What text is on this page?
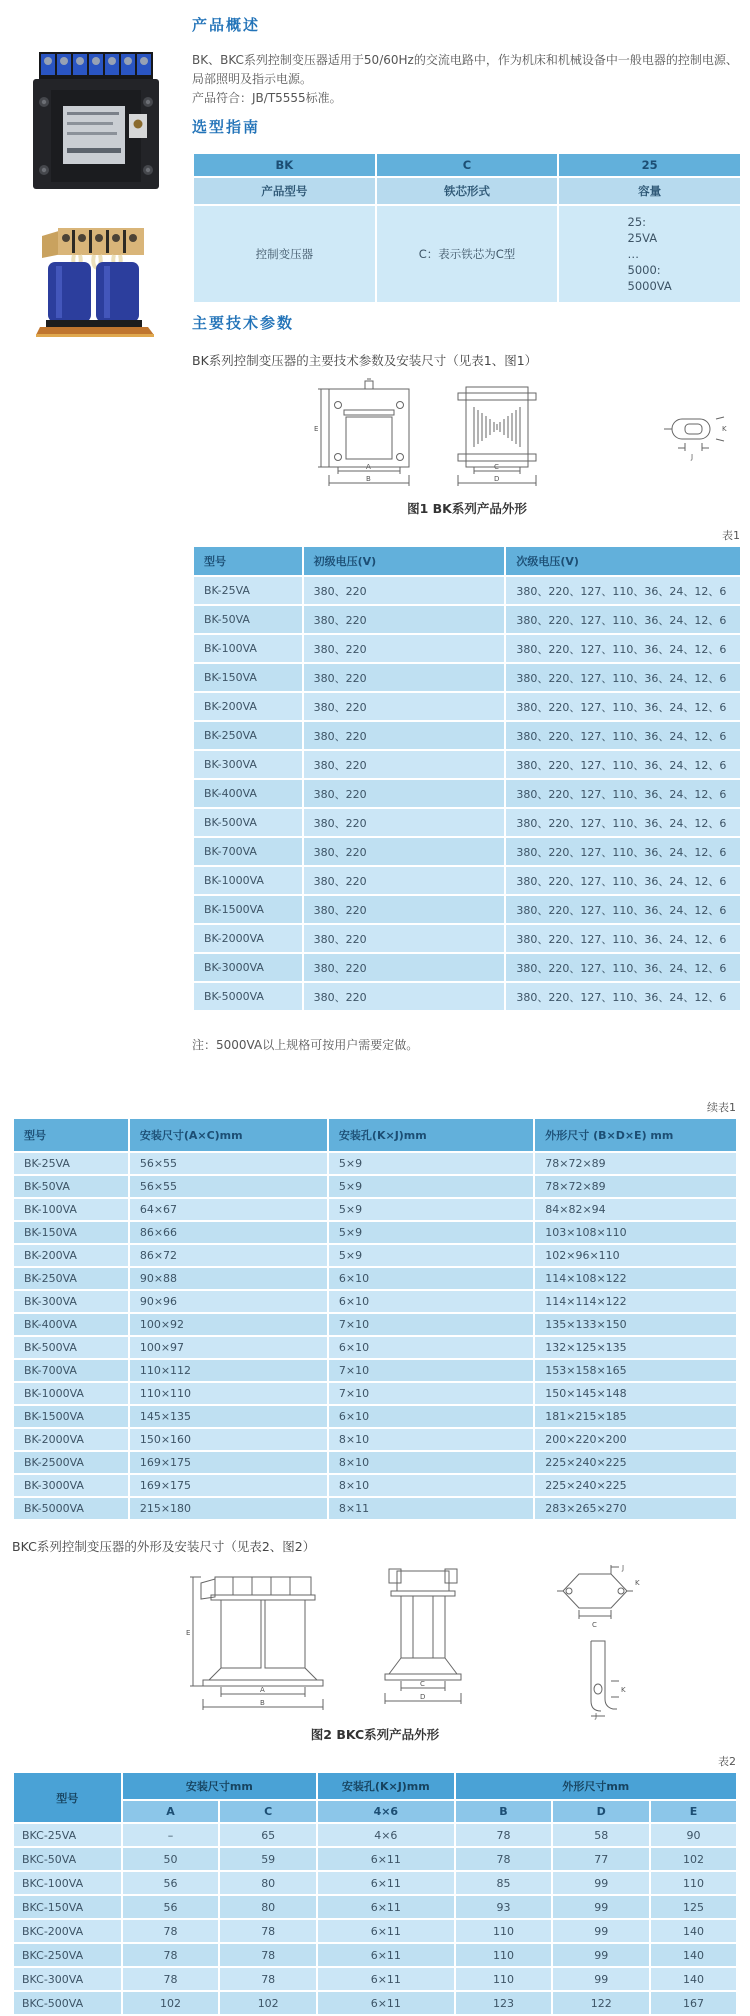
产品概述

BK、BKC系列控制变压器适用于50/60Hz的交流电路中，作为机床和机械设备中一般电器的控制电源、局部照明及指示电源。

产品符合：JB/T5555标准。

选型指南
BK	C	25
产品型号	铁芯形式	容量
控制变压器	C：表示铁芯为C型	25:
25VA
…
5000:
5000VA
主要技术参数

BK系列控制变压器的主要技术参数及安装尺寸（见表1、图1）

E
A
B
C
D
K
J
图1 BK系列产品外形
表1
型号	初级电压(V)	次级电压(V)
BK-25VA	380、220	380、220、127、110、36、24、12、6
BK-50VA	380、220	380、220、127、110、36、24、12、6
BK-100VA	380、220	380、220、127、110、36、24、12、6
BK-150VA	380、220	380、220、127、110、36、24、12、6
BK-200VA	380、220	380、220、127、110、36、24、12、6
BK-250VA	380、220	380、220、127、110、36、24、12、6
BK-300VA	380、220	380、220、127、110、36、24、12、6
BK-400VA	380、220	380、220、127、110、36、24、12、6
BK-500VA	380、220	380、220、127、110、36、24、12、6
BK-700VA	380、220	380、220、127、110、36、24、12、6
BK-1000VA	380、220	380、220、127、110、36、24、12、6
BK-1500VA	380、220	380、220、127、110、36、24、12、6
BK-2000VA	380、220	380、220、127、110、36、24、12、6
BK-3000VA	380、220	380、220、127、110、36、24、12、6
BK-5000VA	380、220	380、220、127、110、36、24、12、6

注：5000VA以上规格可按用户需要定做。

续表1
型号	安装尺寸(A×C)mm	安装孔(K×J)mm	外形尺寸 (B×D×E) mm
BK-25VA	56×55	5×9	78×72×89
BK-50VA	56×55	5×9	78×72×89
BK-100VA	64×67	5×9	84×82×94
BK-150VA	86×66	5×9	103×108×110
BK-200VA	86×72	5×9	102×96×110
BK-250VA	90×88	6×10	114×108×122
BK-300VA	90×96	6×10	114×114×122
BK-400VA	100×92	7×10	135×133×150
BK-500VA	100×97	6×10	132×125×135
BK-700VA	110×112	7×10	153×158×165
BK-1000VA	110×110	7×10	150×145×148
BK-1500VA	145×135	6×10	181×215×185
BK-2000VA	150×160	8×10	200×220×200
BK-2500VA	169×175	8×10	225×240×225
BK-3000VA	169×175	8×10	225×240×225
BK-5000VA	215×180	8×11	283×265×270

BKC系列控制变压器的外形及安装尺寸（见表2、图2）

E
A
B
C
D
J
K
C
K
J
图2 BKC系列产品外形
表2
型号	安装尺寸mm		安装孔(K×J)mm	外形尺寸mm		
	A	C	4×6	B	D	E
BKC-25VA	–	65	4×6	78	58	90
BKC-50VA	50	59	6×11	78	77	102
BKC-100VA	56	80	6×11	85	99	110
BKC-150VA	56	80	6×11	93	99	125
BKC-200VA	78	78	6×11	110	99	140
BKC-250VA	78	78	6×11	110	99	140
BKC-300VA	78	78	6×11	110	99	140
BKC-500VA	102	102	6×11	123	122	167
